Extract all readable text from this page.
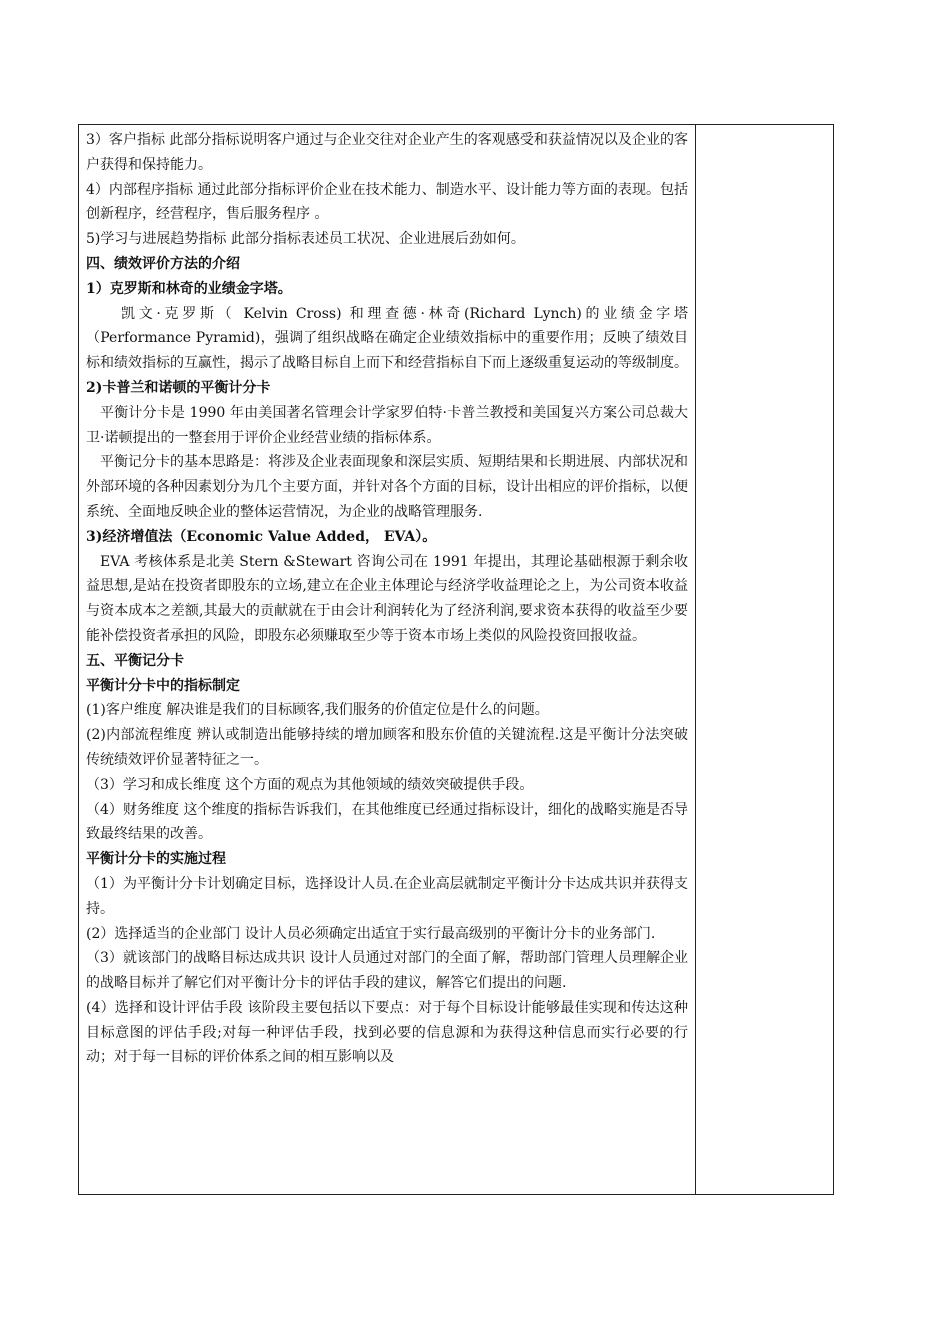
3）客户指标 此部分指标说明客户通过与企业交往对企业产生的客观感受和获益情况以及企业的客户获得和保持能力。

4）内部程序指标 通过此部分指标评价企业在技术能力、制造水平、设计能力等方面的表现。包括创新程序，经营程序，售后服务程序 。

5)学习与进展趋势指标 此部分指标表述员工状况、企业进展后劲如何。

四、绩效评价方法的介绍

1）克罗斯和林奇的业绩金字塔。

凯文·克罗斯（ Kelvin Cross) 和理查德·林奇(Richard Lynch)的业绩金字塔（Performance Pyramid)，强调了组织战略在确定企业绩效指标中的重要作用；反映了绩效目标和绩效指标的互赢性，揭示了战略目标自上而下和经营指标自下而上逐级重复运动的等级制度。

2)卡普兰和诺顿的平衡计分卡

平衡计分卡是 1990 年由美国著名管理会计学家罗伯特·卡普兰教授和美国复兴方案公司总裁大卫·诺顿提出的一整套用于评价企业经营业绩的指标体系。

平衡记分卡的基本思路是：将涉及企业表面现象和深层实质、短期结果和长期进展、内部状况和外部环境的各种因素划分为几个主要方面，并针对各个方面的目标，设计出相应的评价指标，以便系统、全面地反映企业的整体运营情况，为企业的战略管理服务.

3)经济增值法（Economic Value Added， EVA）。

EVA 考核体系是北美 Stern &Stewart 咨询公司在 1991 年提出，其理论基础根源于剩余收益思想,是站在投资者即股东的立场,建立在企业主体理论与经济学收益理论之上，为公司资本收益与资本成本之差额,其最大的贡献就在于由会计利润转化为了经济利润,要求资本获得的收益至少要能补偿投资者承担的风险，即股东必须赚取至少等于资本市场上类似的风险投资回报收益。

五、平衡记分卡

平衡计分卡中的指标制定

(1)客户维度 解决谁是我们的目标顾客,我们服务的价值定位是什么的问题。

(2)内部流程维度 辨认或制造出能够持续的增加顾客和股东价值的关键流程.这是平衡计分法突破传统绩效评价显著特征之一。

（3）学习和成长维度 这个方面的观点为其他领域的绩效突破提供手段。

（4）财务维度 这个维度的指标告诉我们，在其他维度已经通过指标设计，细化的战略实施是否导致最终结果的改善。

平衡计分卡的实施过程

（1）为平衡计分卡计划确定目标，选择设计人员.在企业高层就制定平衡计分卡达成共识并获得支持。

(2）选择适当的企业部门 设计人员必须确定出适宜于实行最高级别的平衡计分卡的业务部门.

（3）就该部门的战略目标达成共识 设计人员通过对部门的全面了解，帮助部门管理人员理解企业的战略目标并了解它们对平衡计分卡的评估手段的建议，解答它们提出的问题.

(4）选择和设计评估手段 该阶段主要包括以下要点：对于每个目标设计能够最佳实现和传达这种目标意图的评估手段;对每一种评估手段，找到必要的信息源和为获得这种信息而实行必要的行动；对于每一目标的评价体系之间的相互影响以及
